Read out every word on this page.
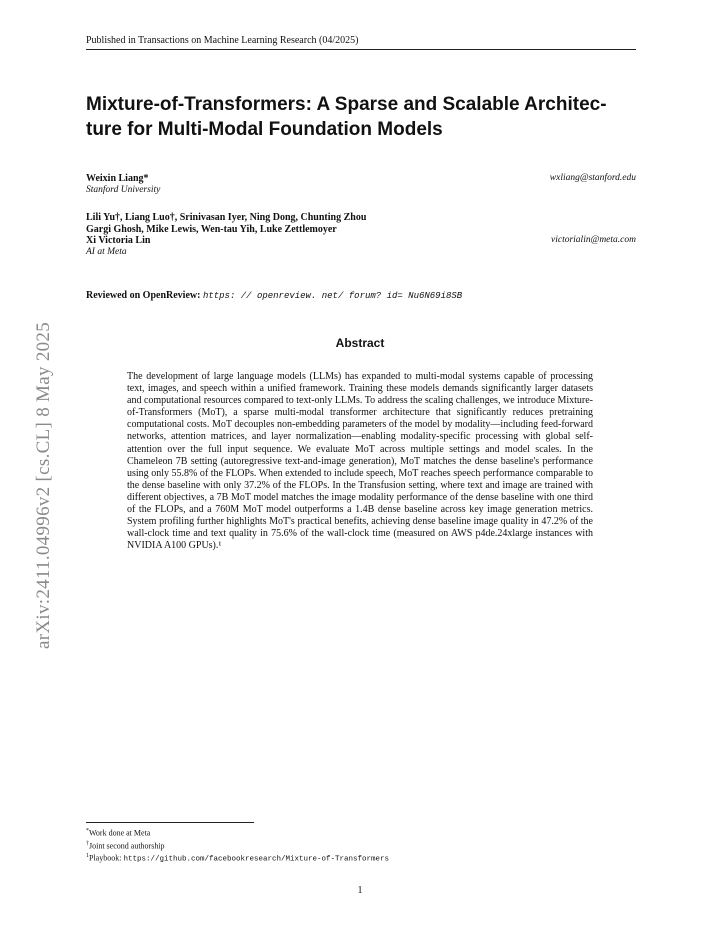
Published in Transactions on Machine Learning Research (04/2025)
Mixture-of-Transformers: A Sparse and Scalable Architec-
ture for Multi-Modal Foundation Models
Weixin Liang*
Stanford University
wxliang@stanford.edu
Lili Yu†, Liang Luo†, Srinivasan Iyer, Ning Dong, Chunting Zhou
Gargi Ghosh, Mike Lewis, Wen-tau Yih, Luke Zettlemoyer
Xi Victoria Lin
AI at Meta
victorialin@meta.com
Reviewed on OpenReview: https: // openreview. net/ forum? id= Nu6N69i8SB
Abstract

The development of large language models (LLMs) has expanded to multi-modal systems capable of processing text, images, and speech within a unified framework. Training these models demands significantly larger datasets and computational resources compared to text-only LLMs. To address the scaling challenges, we introduce Mixture-of-Transformers (MoT), a sparse multi-modal transformer architecture that significantly reduces pretraining computational costs. MoT decouples non-embedding parameters of the model by modality—including feed-forward networks, attention matrices, and layer normalization—enabling modality-specific processing with global self-attention over the full input sequence. We evaluate MoT across multiple settings and model scales. In the Chameleon 7B setting (autoregressive text-and-image generation), MoT matches the dense baseline's performance using only 55.8% of the FLOPs. When extended to include speech, MoT reaches speech performance comparable to the dense baseline with only 37.2% of the FLOPs. In the Transfusion setting, where text and image are trained with different objectives, a 7B MoT model matches the image modality performance of the dense baseline with one third of the FLOPs, and a 760M MoT model outperforms a 1.4B dense baseline across key image generation metrics. System profiling further highlights MoT's practical benefits, achieving dense baseline image quality in 47.2% of the wall-clock time and text quality in 75.6% of the wall-clock time (measured on AWS p4de.24xlarge instances with NVIDIA A100 GPUs).¹

arXiv:2411.04996v2 [cs.CL] 8 May 2025
*Work done at Meta
†Joint second authorship
$^1$Playbook: https://github.com/facebookresearch/Mixture-of-Transformers
1
